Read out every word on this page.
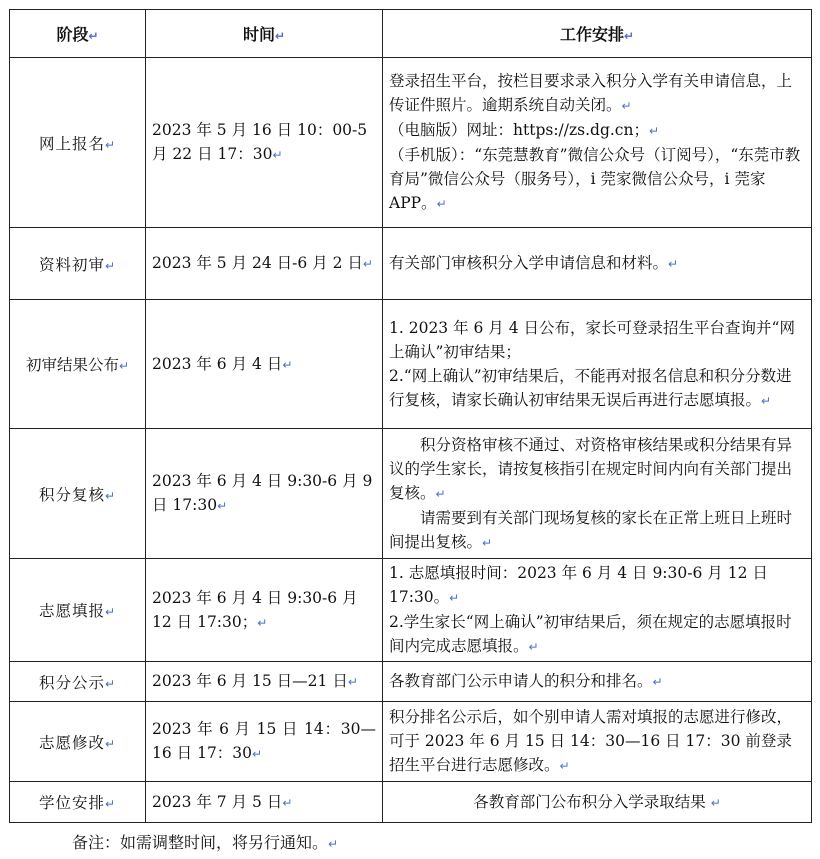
阶段↵	时间↵	工作安排↵
网上报名↵	2023 年 5 月 16 日 10：00-5 月 22 日 17：30↵	登录招生平台，按栏目要求录入积分入学有关申请信息，上传证件照片。逾期系统自动关闭。↵
（电脑版）网址：https://zs.dg.cn；↵
（手机版）：“东莞慧教育”微信公众号（订阅号），“东莞市教育局”微信公众号（服务号），i 莞家微信公众号，i 莞家 APP。↵

资料初审↵	2023 年 5 月 24 日-6 月 2 日↵	有关部门审核积分入学申请信息和材料。↵

初审结果公布↵	2023 年 6 月 4 日↵	1. 2023 年 6 月 4 日公布，家长可登录招生平台查询并“网上确认”初审结果；
2.“网上确认”初审结果后，不能再对报名信息和积分分数进行复核，请家长确认初审结果无误后再进行志愿填报。↵

积分复核↵	2023 年 6 月 4 日 9:30-6 月 9 日 17:30↵	积分资格审核不通过、对资格审核结果或积分结果有异议的学生家长，请按复核指引在规定时间内向有关部门提出复核。↵
请需要到有关部门现场复核的家长在正常上班日上班时间提出复核。↵

志愿填报↵	2023 年 6 月 4 日 9:30-6 月 12 日 17:30；↵	1. 志愿填报时间：2023 年 6 月 4 日 9:30-6 月 12 日 17:30。↵
2.学生家长“网上确认”初审结果后，须在规定的志愿填报时间内完成志愿填报。↵

积分公示↵	2023 年 6 月 15 日—21 日↵	各教育部门公示申请人的积分和排名。↵

志愿修改↵	2023 年 6 月 15 日 14：30—16 日 17：30↵	积分排名公示后，如个别申请人需对填报的志愿进行修改，可于 2023 年 6 月 15 日 14：30—16 日 17：30 前登录招生平台进行志愿修改。↵

学位安排↵	2023 年 7 月 5 日↵	各教育部门公布积分入学录取结果 ↵
备注：如需调整时间，将另行通知。↵
